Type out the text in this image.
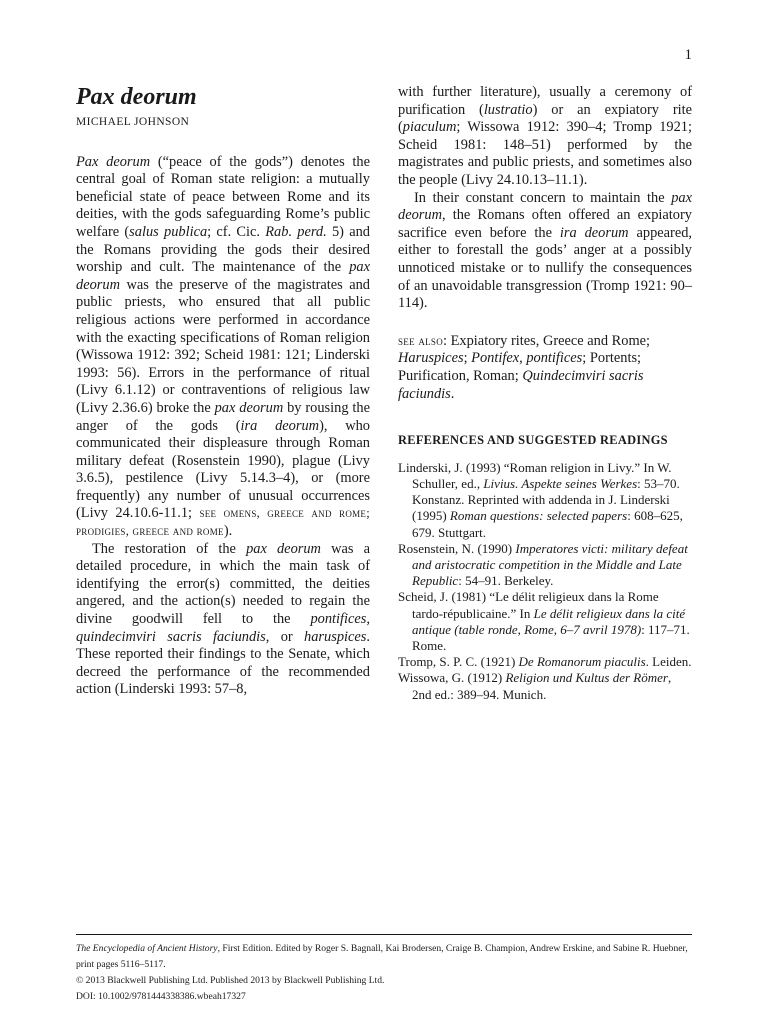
1
Pax deorum
MICHAEL JOHNSON

Pax deorum (“peace of the gods”) denotes the central goal of Roman state religion: a mutually beneficial state of peace between Rome and its deities, with the gods safeguarding Rome’s public welfare (salus publica; cf. Cic. Rab. perd. 5) and the Romans providing the gods their desired worship and cult. The maintenance of the pax deorum was the preserve of the magistrates and public priests, who ensured that all public religious actions were performed in accordance with the exacting specifications of Roman religion (Wissowa 1912: 392; Scheid 1981: 121; Linderski 1993: 56). Errors in the performance of ritual (Livy 6.1.12) or contraventions of religious law (Livy 2.36.6) broke the pax deorum by rousing the anger of the gods (ira deorum), who communicated their displeasure through Roman military defeat (Rosenstein 1990), plague (Livy 3.6.5), pestilence (Livy 5.14.3–4), or (more frequently) any number of unusual occurrences (Livy 24.10.6-11.1; see omens, greece and rome; prodigies, greece and rome).

The restoration of the pax deorum was a detailed procedure, in which the main task of identifying the error(s) committed, the deities angered, and the action(s) needed to regain the divine goodwill fell to the pontifices, quindecimviri sacris faciundis, or haruspices. These reported their findings to the Senate, which decreed the performance of the recommended action (Linderski 1993: 57–8,

with further literature), usually a ceremony of purification (lustratio) or an expiatory rite (piaculum; Wissowa 1912: 390–4; Tromp 1921; Scheid 1981: 148–51) performed by the magistrates and public priests, and sometimes also the people (Livy 24.10.13–11.1).

In their constant concern to maintain the pax deorum, the Romans often offered an expiatory sacrifice even before the ira deorum appeared, either to forestall the gods’ anger at a possibly unnoticed mistake or to nullify the consequences of an unavoidable transgression (Tromp 1921: 90–114).

see also: Expiatory rites, Greece and Rome; Haruspices; Pontifex, pontifices; Portents; Purification, Roman; Quindecimviri sacris faciundis.

REFERENCES AND SUGGESTED READINGS

Linderski, J. (1993) “Roman religion in Livy.” In W. Schuller, ed., Livius. Aspekte seines Werkes: 53–70. Konstanz. Reprinted with addenda in J. Linderski (1995) Roman questions: selected papers: 608–625, 679. Stuttgart.

Rosenstein, N. (1990) Imperatores victi: military defeat and aristocratic competition in the Middle and Late Republic: 54–91. Berkeley.

Scheid, J. (1981) “Le délit religieux dans la Rome tardo-républicaine.” In Le délit religieux dans la cité antique (table ronde, Rome, 6–7 avril 1978): 117–71. Rome.

Tromp, S. P. C. (1921) De Romanorum piaculis. Leiden.

Wissowa, G. (1912) Religion und Kultus der Römer, 2nd ed.: 389–94. Munich.

The Encyclopedia of Ancient History, First Edition. Edited by Roger S. Bagnall, Kai Brodersen, Craige B. Champion, Andrew Erskine, and Sabine R. Huebner, print pages 5116–5117.

© 2013 Blackwell Publishing Ltd. Published 2013 by Blackwell Publishing Ltd.

DOI: 10.1002/9781444338386.wbeah17327
